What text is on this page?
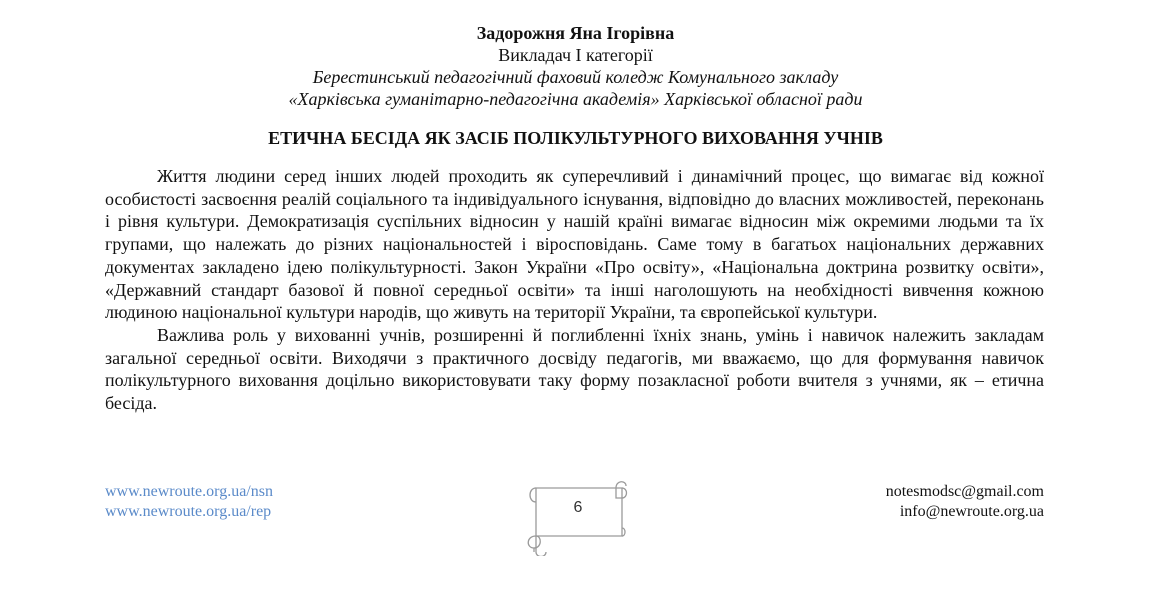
Задорожня Яна Ігорівна
Викладач І категорії
Берестинський педагогічний фаховий коледж Комунального закладу
«Харківська гуманітарно-педагогічна академія» Харківської обласної ради
ЕТИЧНА БЕСІДА ЯК ЗАСІБ ПОЛІКУЛЬТУРНОГО ВИХОВАННЯ УЧНІВ

Життя людини серед інших людей проходить як суперечливий і динамічний процес, що вимагає від кожної особистості засвоєння реалій соціального та індивідуального існування, відповідно до власних можливостей, переконань і рівня культури. Демократизація суспільних відносин у нашій країні вимагає відносин між окремими людьми та їх групами, що належать до різних національностей і віросповідань. Саме тому в багатьох національних державних документах закладено ідею полікультурності. Закон України «Про освіту», «Національна доктрина розвитку освіти», «Державний стандарт базової й повної середньої освіти» та інші наголошують на необхідності вивчення кожною людиною національної культури народів, що живуть на території України, та європейської культури.

Важлива роль у вихованні учнів, розширенні й поглибленні їхніх знань, умінь і навичок належить закладам загальної середньої освіти. Виходячи з практичного досвіду педагогів, ми вважаємо, що для формування навичок полікультурного виховання доцільно використовувати таку форму позакласної роботи вчителя з учнями, як – етична бесіда.

www.newroute.org.ua/nsn
www.newroute.org.ua/rep	6
notesmodsc@gmail.com
info@newroute.org.ua
